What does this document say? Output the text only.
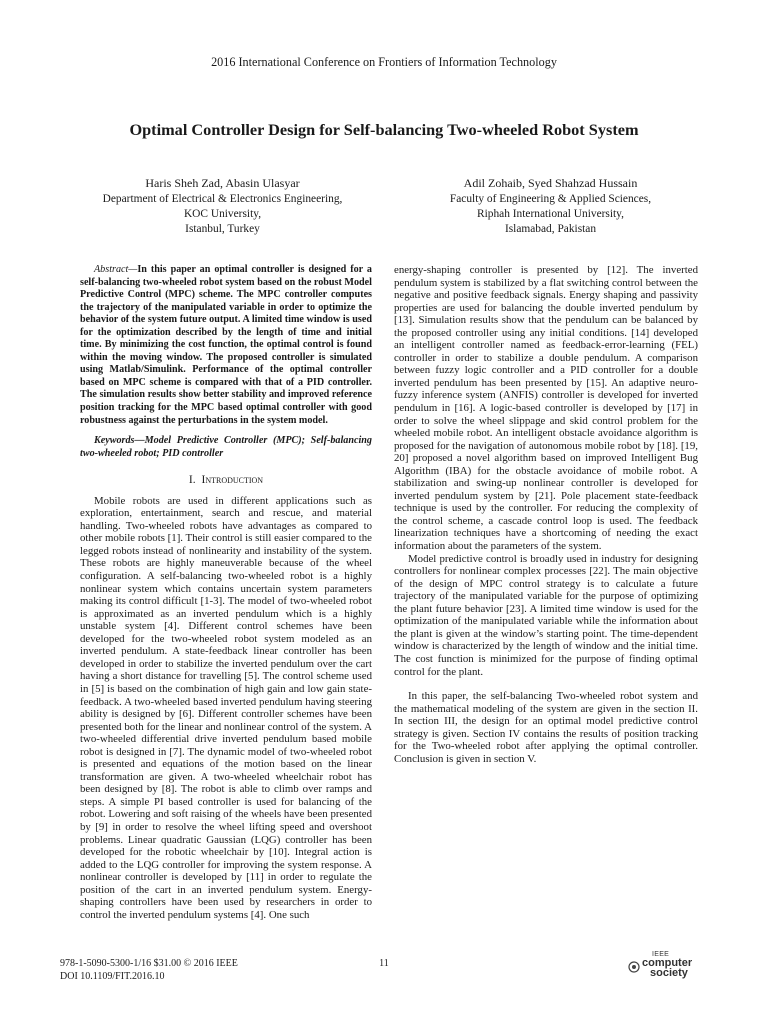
2016 International Conference on Frontiers of Information Technology
Optimal Controller Design for Self-balancing Two-wheeled Robot System
Haris Sheh Zad, Abasin Ulasyar
Department of Electrical & Electronics Engineering,
KOC University,
Istanbul, Turkey
Adil Zohaib, Syed Shahzad Hussain
Faculty of Engineering & Applied Sciences,
Riphah International University,
Islamabad, Pakistan

Abstract—In this paper an optimal controller is designed for a self-balancing two-wheeled robot system based on the robust Model Predictive Control (MPC) scheme. The MPC controller computes the trajectory of the manipulated variable in order to optimize the behavior of the system future output. A limited time window is used for the optimization described by the length of time and initial time. By minimizing the cost function, the optimal control is found within the moving window. The proposed controller is simulated using Matlab/Simulink. Performance of the optimal controller based on MPC scheme is compared with that of a PID controller. The simulation results show better stability and improved reference position tracking for the MPC based optimal controller with good robustness against the perturbations in the system model.

Keywords—Model Predictive Controller (MPC); Self-balancing two-wheeled robot; PID controller

I. Introduction

Mobile robots are used in different applications such as exploration, entertainment, search and rescue, and material handling. Two-wheeled robots have advantages as compared to other mobile robots [1]. Their control is still easier compared to the legged robots instead of nonlinearity and instability of the system. These robots are highly maneuverable because of the wheel configuration. A self-balancing two-wheeled robot is a highly nonlinear system which contains uncertain system parameters making its control difficult [1-3]. The model of two-wheeled robot is approximated as an inverted pendulum which is a highly unstable system [4]. Different control schemes have been developed for the two-wheeled robot system modeled as an inverted pendulum. A state-feedback linear controller has been developed in order to stabilize the inverted pendulum over the cart having a short distance for travelling [5]. The control scheme used in [5] is based on the combination of high gain and low gain state-feedback. A two-wheeled based inverted pendulum having steering ability is designed by [6]. Different controller schemes have been presented both for the linear and nonlinear control of the system. A two-wheeled differential drive inverted pendulum based mobile robot is designed in [7]. The dynamic model of two-wheeled robot is presented and equations of the motion based on the linear transformation are given. A two-wheeled wheelchair robot has been designed by [8]. The robot is able to climb over ramps and steps. A simple PI based controller is used for balancing of the robot. Lowering and soft raising of the wheels have been presented by [9] in order to resolve the wheel lifting speed and overshoot problems. Linear quadratic Gaussian (LQG) controller has been developed for the robotic wheelchair by [10]. Integral action is added to the LQG controller for improving the system response. A nonlinear controller is developed by [11] in order to regulate the position of the cart in an inverted pendulum system. Energy-shaping controllers have been used by researchers in order to control the inverted pendulum systems [4]. One such

energy-shaping controller is presented by [12]. The inverted pendulum system is stabilized by a flat switching control between the negative and positive feedback signals. Energy shaping and passivity properties are used for balancing the double inverted pendulum by [13]. Simulation results show that the pendulum can be balanced by the proposed controller using any initial conditions. [14] developed an intelligent controller named as feedback-error-learning (FEL) controller in order to stabilize a double pendulum. A comparison between fuzzy logic controller and a PID controller for a double inverted pendulum has been presented by [15]. An adaptive neuro-fuzzy inference system (ANFIS) controller is developed for inverted pendulum in [16]. A logic-based controller is developed by [17] in order to solve the wheel slippage and skid control problem for the wheeled mobile robot. An intelligent obstacle avoidance algorithm is proposed for the navigation of autonomous mobile robot by [18]. [19, 20] proposed a novel algorithm based on improved Intelligent Bug Algorithm (IBA) for the obstacle avoidance of mobile robot. A stabilization and swing-up nonlinear controller is developed for inverted pendulum system by [21]. Pole placement state-feedback technique is used by the controller. For reducing the complexity of the control scheme, a cascade control loop is used. The feedback linearization techniques have a shortcoming of needing the exact information about the parameters of the system.

Model predictive control is broadly used in industry for designing controllers for nonlinear complex processes [22]. The main objective of the design of MPC control strategy is to calculate a future trajectory of the manipulated variable for the purpose of optimizing the plant future behavior [23]. A limited time window is used for the optimization of the manipulated variable while the information about the plant is given at the window’s starting point. The time-dependent window is characterized by the length of window and the initial time. The cost function is minimized for the purpose of finding optimal control for the plant.

In this paper, the self-balancing Two-wheeled robot system and the mathematical modeling of the system are given in the section II. In section III, the design for an optimal model predictive control strategy is given. Section IV contains the results of position tracking for the Two-wheeled robot after applying the optimal controller. Conclusion is given in section V.

978-1-5090-5300-1/16 $31.00 © 2016 IEEE
DOI 10.1109/FIT.2016.10
11
IEEE
computer
society
